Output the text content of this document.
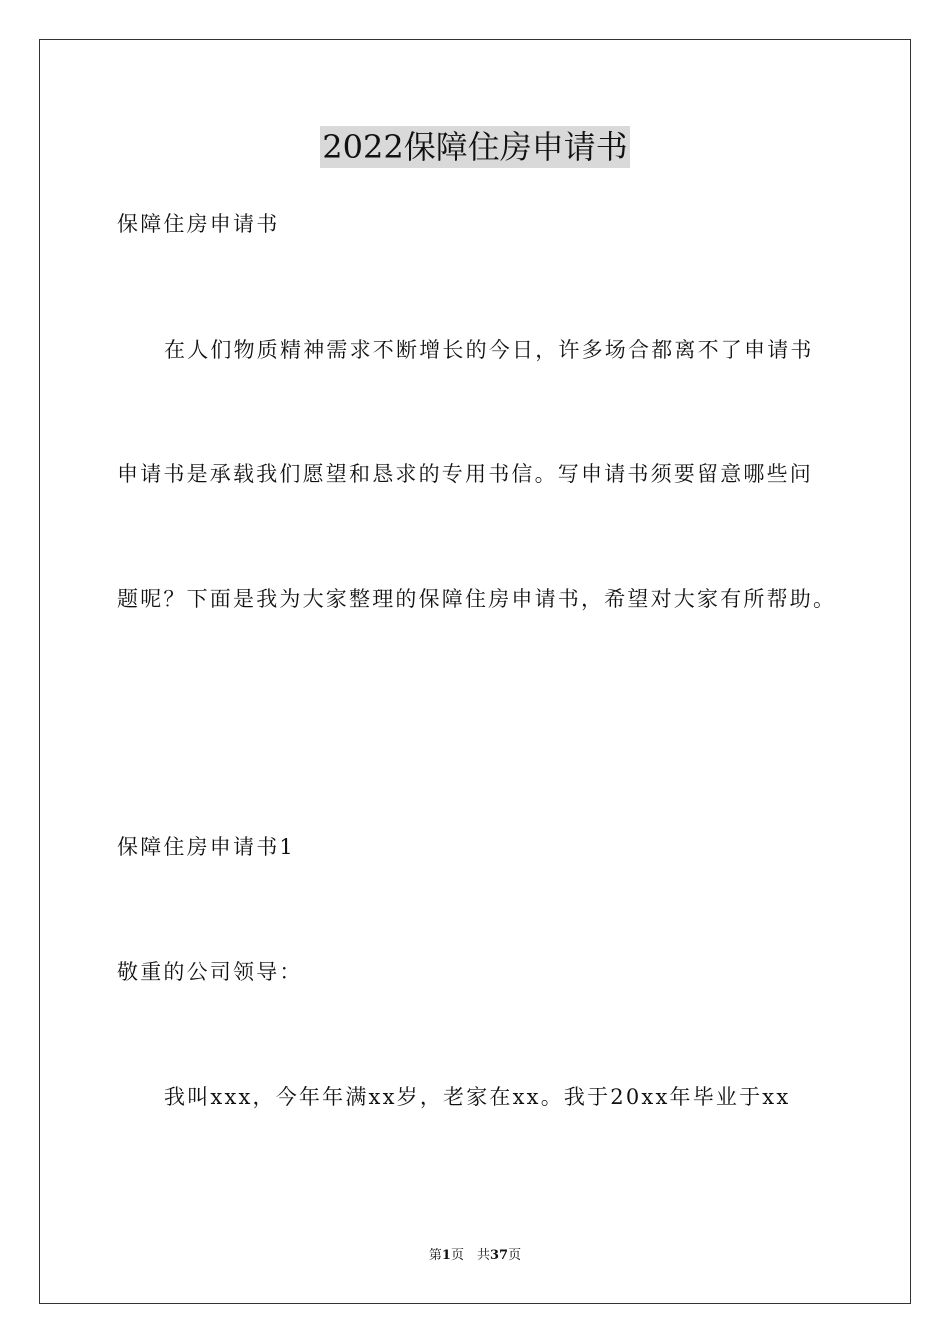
2022保障住房申请书
保障住房申请书
在人们物质精神需求不断增长的今日，许多场合都离不了申请书
申请书是承载我们愿望和恳求的专用书信。写申请书须要留意哪些问
题呢？下面是我为大家整理的保障住房申请书，希望对大家有所帮助。
保障住房申请书1
敬重的公司领导：
我叫xxx，今年年满xx岁，老家在xx。我于20xx年毕业于xx
第1页　共37页
